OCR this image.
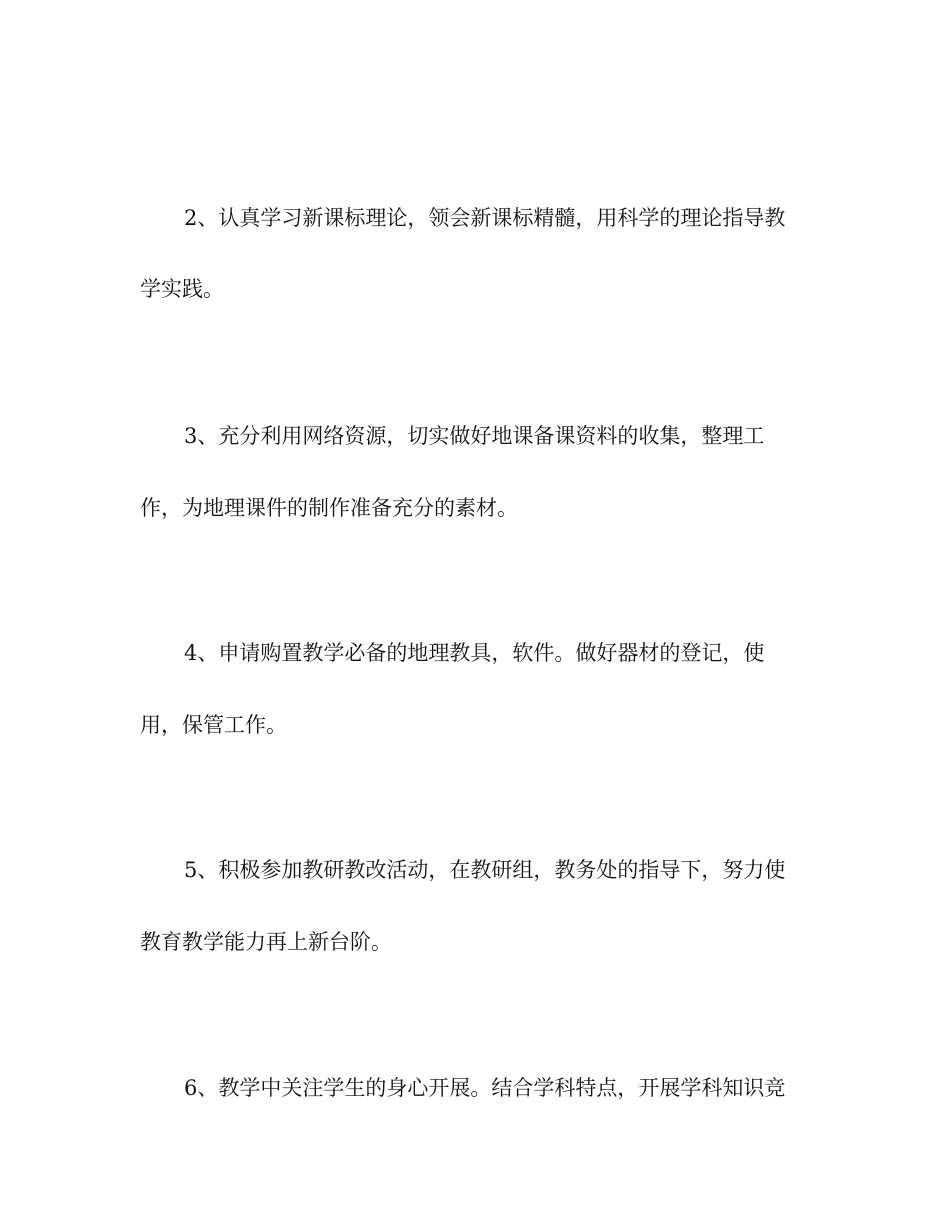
2、认真学习新课标理论，领会新课标精髓，用科学的理论指导教
学实践。
3、充分利用网络资源，切实做好地课备课资料的收集，整理工
作，为地理课件的制作准备充分的素材。
4、申请购置教学必备的地理教具，软件。做好器材的登记，使
用，保管工作。
5、积极参加教研教改活动，在教研组，教务处的指导下，努力使
教育教学能力再上新台阶。
6、教学中关注学生的身心开展。结合学科特点，开展学科知识竞
